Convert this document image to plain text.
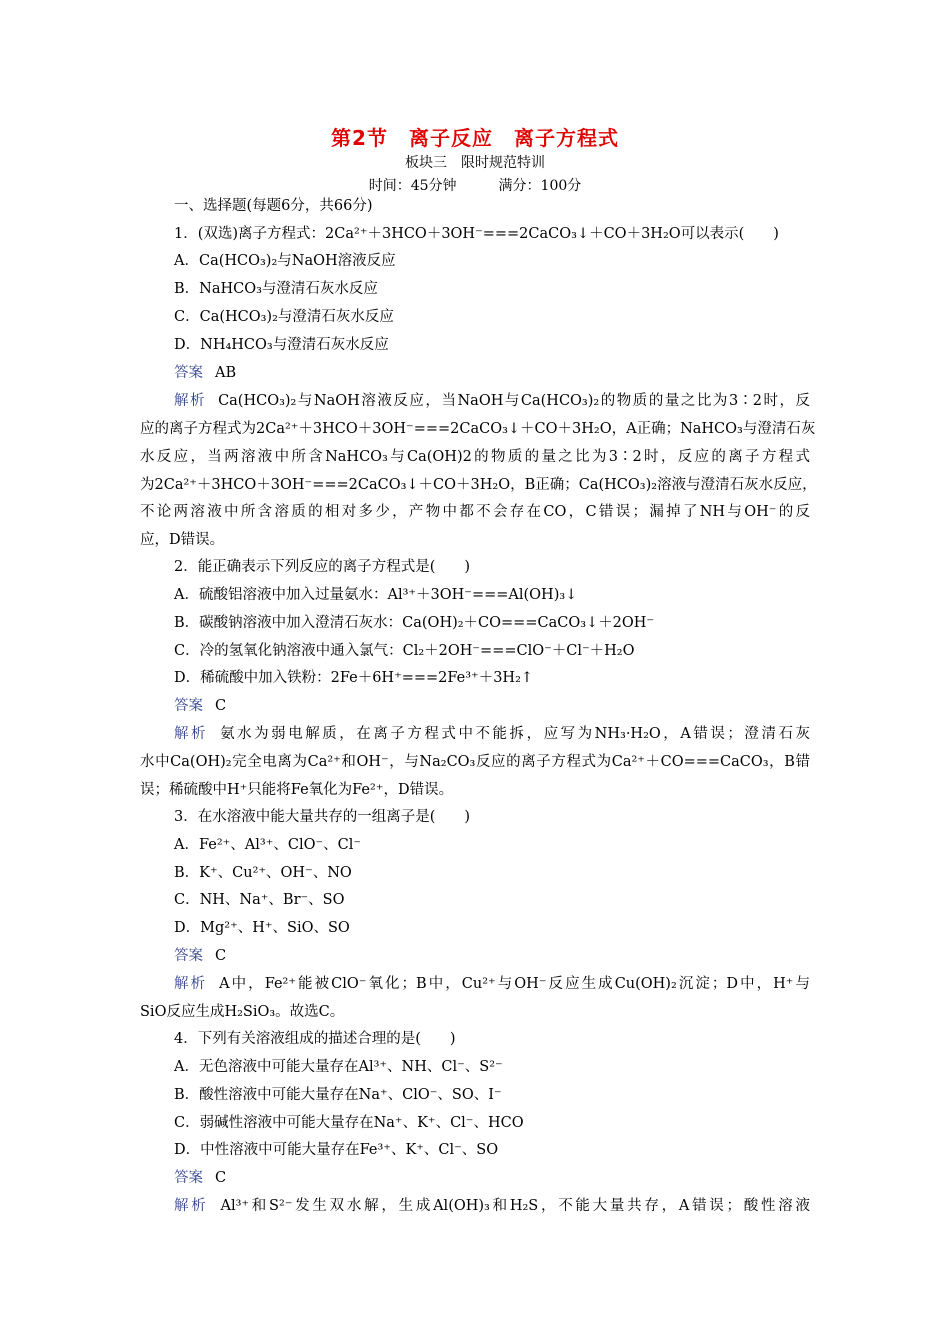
第2节　离子反应　离子方程式
板块三　限时规范特训
时间：45分钟　　　满分：100分
一、选择题(每题6分，共66分)
1．(双选)离子方程式：2Ca²⁺＋3HCO＋3OH⁻===2CaCO₃↓＋CO＋3H₂O可以表示(　　)
A．Ca(HCO₃)₂与NaOH溶液反应
B．NaHCO₃与澄清石灰水反应
C．Ca(HCO₃)₂与澄清石灰水反应
D．NH₄HCO₃与澄清石灰水反应
答案 AB
解析 Ca(HCO₃)₂与NaOH溶液反应，当NaOH与Ca(HCO₃)₂的物质的量之比为3∶2时，反
应的离子方程式为2Ca²⁺＋3HCO＋3OH⁻===2CaCO₃↓＋CO＋3H₂O，A正确；NaHCO₃与澄清石灰
水反应，当两溶液中所含NaHCO₃与Ca(OH)2的物质的量之比为3∶2时，反应的离子方程式
为2Ca²⁺＋3HCO＋3OH⁻===2CaCO₃↓＋CO＋3H₂O，B正确；Ca(HCO₃)₂溶液与澄清石灰水反应，
不论两溶液中所含溶质的相对多少，产物中都不会存在CO，C错误；漏掉了NH与OH⁻的反
应，D错误。
2．能正确表示下列反应的离子方程式是(　　)
A．硫酸铝溶液中加入过量氨水：Al³⁺＋3OH⁻===Al(OH)₃↓
B．碳酸钠溶液中加入澄清石灰水：Ca(OH)₂＋CO===CaCO₃↓＋2OH⁻
C．冷的氢氧化钠溶液中通入氯气：Cl₂＋2OH⁻===ClO⁻＋Cl⁻＋H₂O
D．稀硫酸中加入铁粉：2Fe＋6H⁺===2Fe³⁺＋3H₂↑
答案 C
解析 氨水为弱电解质，在离子方程式中不能拆，应写为NH₃·H₂O，A错误；澄清石灰
水中Ca(OH)₂完全电离为Ca²⁺和OH⁻，与Na₂CO₃反应的离子方程式为Ca²⁺＋CO===CaCO₃，B错
误；稀硫酸中H⁺只能将Fe氧化为Fe²⁺，D错误。
3．在水溶液中能大量共存的一组离子是(　　)
A．Fe²⁺、Al³⁺、ClO⁻、Cl⁻
B．K⁺、Cu²⁺、OH⁻、NO
C．NH、Na⁺、Br⁻、SO
D．Mg²⁺、H⁺、SiO、SO
答案 C
解析 A中，Fe²⁺能被ClO⁻氧化；B中，Cu²⁺与OH⁻反应生成Cu(OH)₂沉淀；D中，H⁺与
SiO反应生成H₂SiO₃。故选C。
4．下列有关溶液组成的描述合理的是(　　)
A．无色溶液中可能大量存在Al³⁺、NH、Cl⁻、S²⁻
B．酸性溶液中可能大量存在Na⁺、ClO⁻、SO、I⁻
C．弱碱性溶液中可能大量存在Na⁺、K⁺、Cl⁻、HCO
D．中性溶液中可能大量存在Fe³⁺、K⁺、Cl⁻、SO
答案 C
解析 Al³⁺和S²⁻发生双水解，生成Al(OH)₃和H₂S，不能大量共存，A错误；酸性溶液
